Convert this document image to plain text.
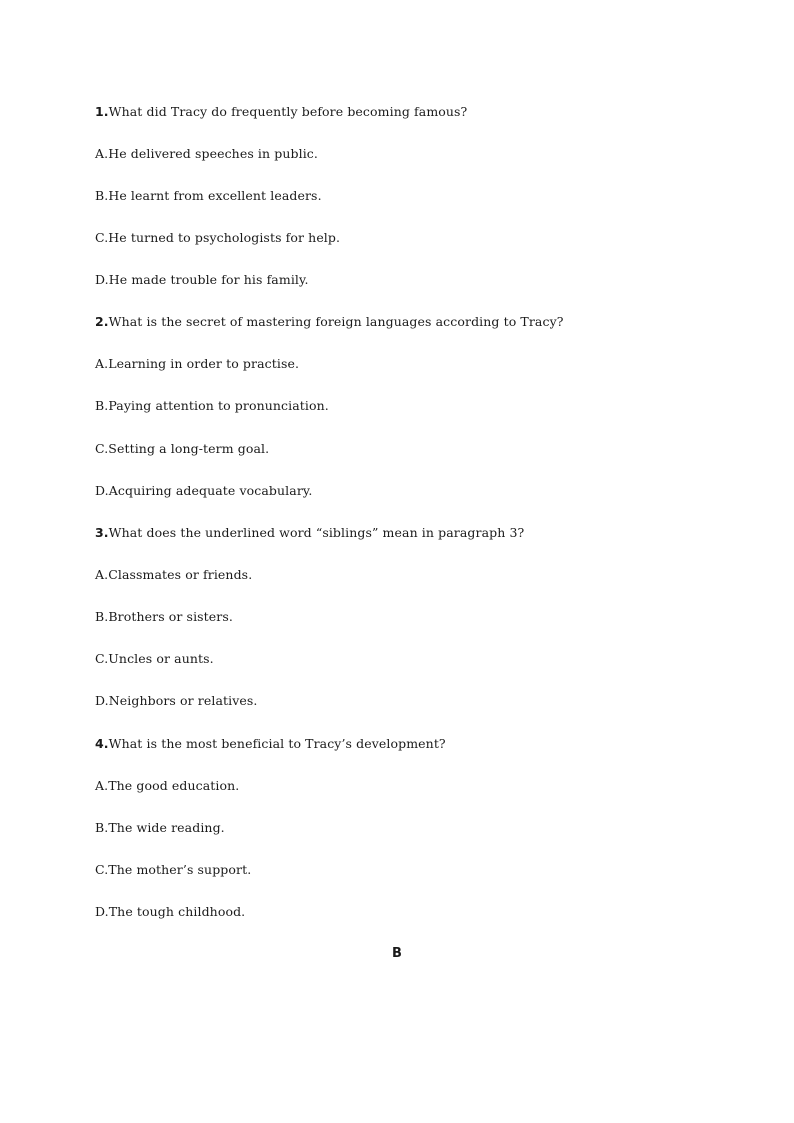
1.What did Tracy do frequently before becoming famous?
A.He delivered speeches in public.
B.He learnt from excellent leaders.
C.He turned to psychologists for help.
D.He made trouble for his family.
2.What is the secret of mastering foreign languages according to Tracy?
A.Learning in order to practise.
B.Paying attention to pronunciation.
C.Setting a long-term goal.
D.Acquiring adequate vocabulary.
3.What does the underlined word “siblings” mean in paragraph 3?
A.Classmates or friends.
B.Brothers or sisters.
C.Uncles or aunts.
D.Neighbors or relatives.
4.What is the most beneficial to Tracy’s development?
A.The good education.
B.The wide reading.
C.The mother’s support.
D.The tough childhood.
B
